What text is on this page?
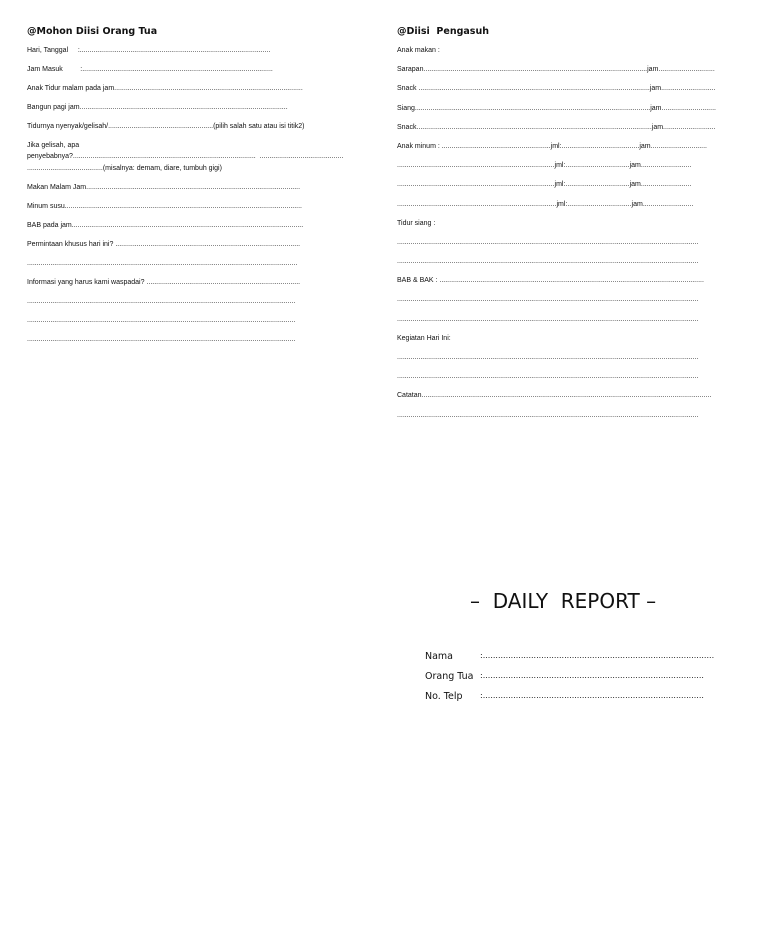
@Mohon Diisi Orang Tua
Hari, Tanggal     :..................................................................................................
Jam Masuk         :..................................................................................................
Anak Tidur malam pada jam.................................................................................................
Bangun pagi jam...........................................................................................................
Tidurnya nyenyak/gelisah/......................................................(pilih salah satu atau isi titik2)
Jika gelisah, apa
penyebabnya?..............................................................................................  ...........................................
.......................................(misalnya: demam, diare, tumbuh gigi)
Makan Malam Jam..............................................................................................................
Minum susu..........................................................................................................................
BAB pada jam.......................................................................................................................
Permintaan khusus hari ini? ...............................................................................................
...........................................................................................................................................
Informasi yang harus kami waspadai? ...............................................................................
..........................................................................................................................................
..........................................................................................................................................
..........................................................................................................................................
@Diisi  Pengasuh
Anak makan :
Sarapan...................................................................................................................jam.............................
Snack .......................................................................................................................jam............................
Siang.........................................................................................................................jam............................
Snack.........................................................................................................................jam...........................
Anak minum : ........................................................jml:........................................jam.............................
.................................................................................jml:.................................jam..........................
.................................................................................jml:.................................jam..........................
..................................................................................jml:.................................jam..........................
Tidur siang :
...........................................................................................................................................................
...........................................................................................................................................................
BAB & BAK : ........................................................................................................................................
...........................................................................................................................................................
...........................................................................................................................................................
Kegiatan Hari Ini:
...........................................................................................................................................................
...........................................................................................................................................................
Catatan.....................................................................................................................................................
...........................................................................................................................................................
–  DAILY  REPORT –
Nama	:...........................................................................................
Orang Tua :.......................................................................................
No. Telp	:.......................................................................................
